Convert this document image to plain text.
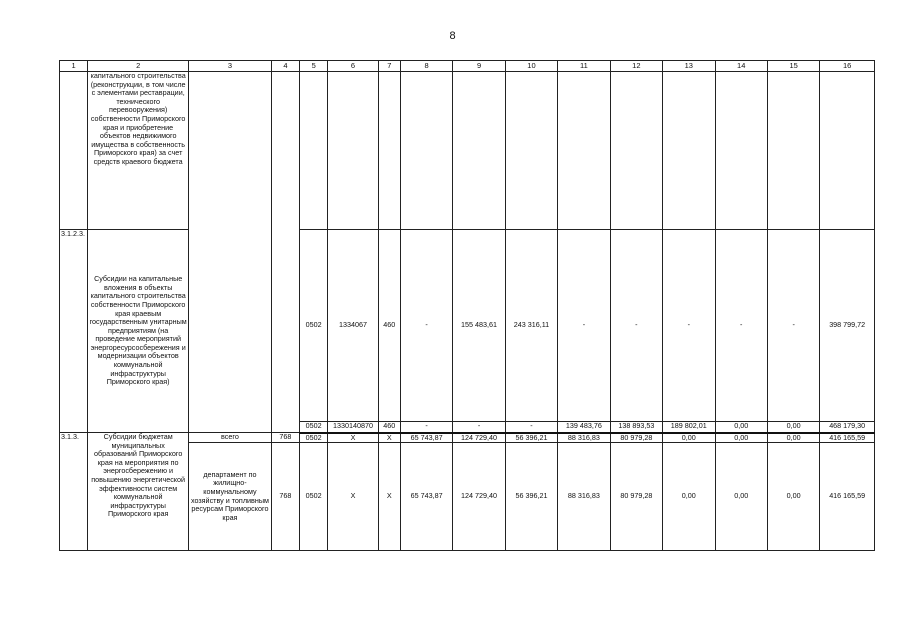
8
1	2	3	4	5	6	7	8	9	10	11	12	13	14	15	16
	капитального строительства (реконструкции, в том числе с элементами реставрации, технического перевооружения) собственности Приморского края и приобретение объектов недвижимого имущества в собственность Приморского края) за счет средств краевого бюджета														
3.1.2.3.	Субсидии на капитальные вложения в объекты капитального строительства собственности Приморского края краевым государственным унитарным предприятиям (на проведение мероприятий энергоресурсосбережения и модернизации объектов коммунальной инфраструктуры Приморского края)			0502	1334067	460	-	155 483,61	243 316,11	-	-	-	-	-	398 799,72
				0502	1330140870	460	-	-	-	139 483,76	138 893,53	189 802,01	0,00	0,00	468 179,30
3.1.3.	Субсидии бюджетам муниципальных образований Приморского края на мероприятия по энергосбережению и повышению энергетической эффективности систем коммунальной инфраструктуры Приморского края	всего	768	0502	X	X	65 743,87	124 729,40	56 396,21	88 316,83	80 979,28	0,00	0,00	0,00	416 165,59
		департамент по жилищно-коммунальному хозяйству и топливным ресурсам Приморского края	768	0502	X	X	65 743,87	124 729,40	56 396,21	88 316,83	80 979,28	0,00	0,00	0,00	416 165,59
